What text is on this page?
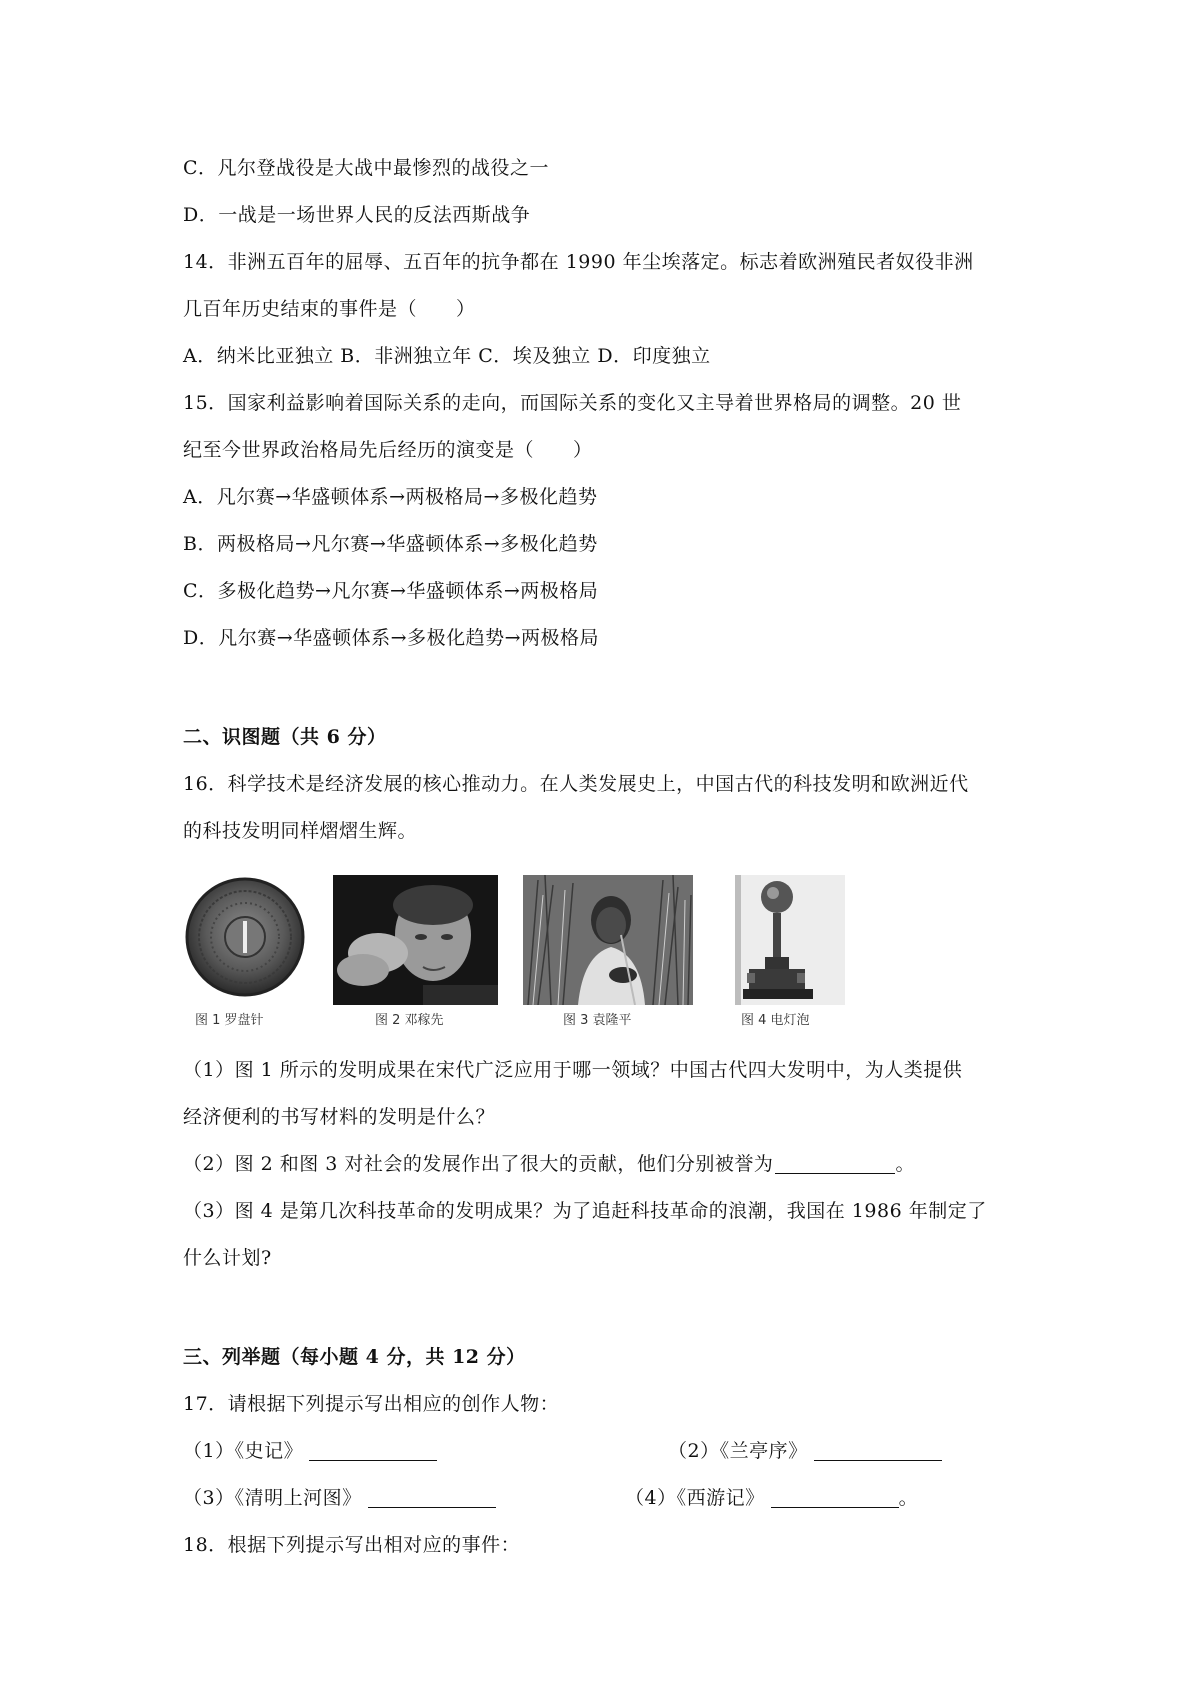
C．凡尔登战役是大战中最惨烈的战役之一
D．一战是一场世界人民的反法西斯战争
14．非洲五百年的屈辱、五百年的抗争都在 1990 年尘埃落定。标志着欧洲殖民者奴役非洲
几百年历史结束的事件是（　　）
A．纳米比亚独立 B．非洲独立年 C．埃及独立 D．印度独立
15．国家利益影响着国际关系的走向，而国际关系的变化又主导着世界格局的调整。20 世
纪至今世界政治格局先后经历的演变是（　　）
A．凡尔赛→华盛顿体系→两极格局→多极化趋势
B．两极格局→凡尔赛→华盛顿体系→多极化趋势
C．多极化趋势→凡尔赛→华盛顿体系→两极格局
D．凡尔赛→华盛顿体系→多极化趋势→两极格局
二、识图题（共 6 分）
16．科学技术是经济发展的核心推动力。在人类发展史上，中国古代的科技发明和欧洲近代
的科技发明同样熠熠生辉。
图 1 罗盘针	图 2 邓稼先	图 3 袁隆平	图 4 电灯泡
（1）图 1 所示的发明成果在宋代广泛应用于哪一领域？中国古代四大发明中，为人类提供
经济便利的书写材料的发明是什么？
（2）图 2 和图 3 对社会的发展作出了很大的贡献，他们分别被誉为	。
（3）图 4 是第几次科技革命的发明成果？为了追赶科技革命的浪潮，我国在 1986 年制定了
什么计划?
三、列举题（每小题 4 分，共 12 分）
17．请根据下列提示写出相应的创作人物：
（1）《史记》	（2）《兰亭序》
（3）《清明上河图》	（4）《西游记》	。
18．根据下列提示写出相对应的事件：
